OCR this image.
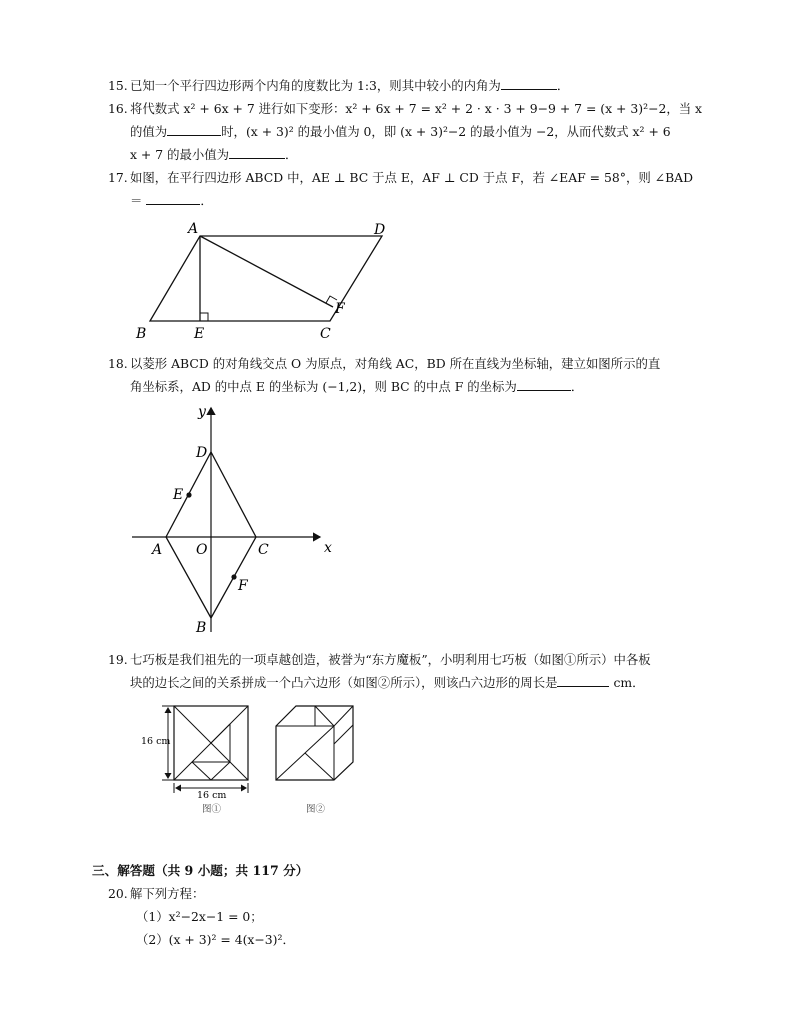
15. 已知一个平行四边形两个内角的度数比为 1:3，则其中较小的内角为	．
16. 将代数式 x² + 6x + 7 进行如下变形：x² + 6x + 7 = x² + 2 · x · 3 + 9−9 + 7 = (x + 3)²−2，当 x
的值为	时，(x + 3)² 的最小值为 0，即 (x + 3)²−2 的最小值为 −2，从而代数式 x² + 6
x + 7 的最小值为	．
17. 如图，在平行四边形 ABCD 中，AE ⊥ BC 于点 E，AF ⊥ CD 于点 F，若 ∠EAF = 58°，则 ∠BAD
＝	．
A	D
B	E	C
F
18. 以菱形 ABCD 的对角线交点 O 为原点，对角线 AC，BD 所在直线为坐标轴，建立如图所示的直
角坐标系，AD 的中点 E 的坐标为 (−1,2)，则 BC 的中点 F 的坐标为	．
x
y
D
E
A O	C
F
B
19. 七巧板是我们祖先的一项卓越创造，被誉为“东方魔板”，小明利用七巧板（如图①所示）中各板
块的边长之间的关系拼成一个凸六边形（如图②所示），则该凸六边形的周长是	cm．
16 cm
16 cm
图①	图②
三、解答题（共 9 小题；共 117 分）
20. 解下列方程：
（1）x²−2x−1 = 0；
（2）(x + 3)² = 4(x−3)²．
